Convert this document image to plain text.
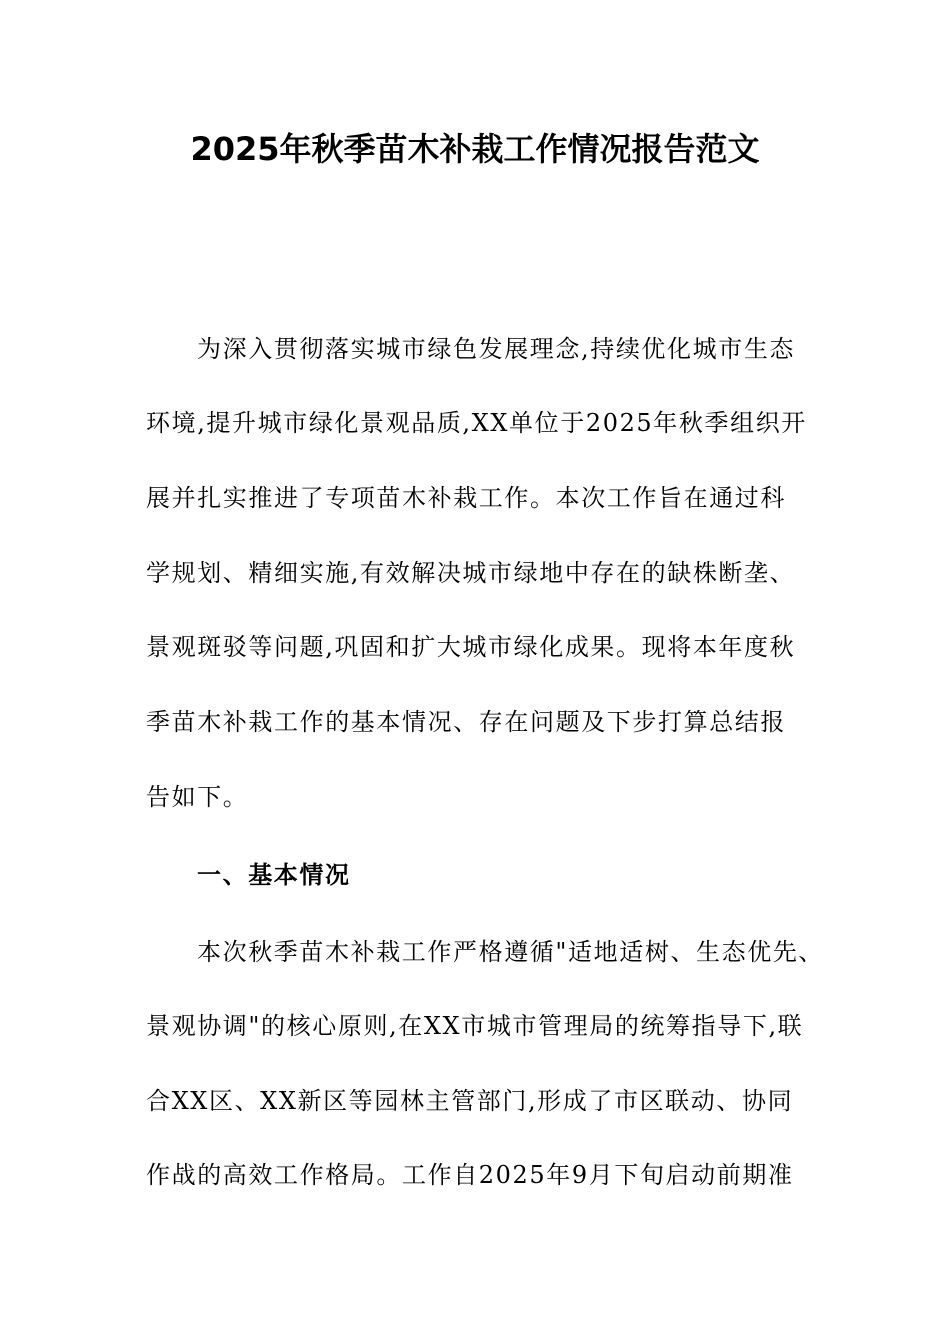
2025年秋季苗木补栽工作情况报告范文
为深入贯彻落实城市绿色发展理念,持续优化城市生态
环境,提升城市绿化景观品质,XX单位于2025年秋季组织开
展并扎实推进了专项苗木补栽工作。本次工作旨在通过科
学规划、精细实施,有效解决城市绿地中存在的缺株断垄、
景观斑驳等问题,巩固和扩大城市绿化成果。现将本年度秋
季苗木补栽工作的基本情况、存在问题及下步打算总结报
告如下。
一、基本情况
本次秋季苗木补栽工作严格遵循"适地适树、生态优先、
景观协调"的核心原则,在XX市城市管理局的统筹指导下,联
合XX区、XX新区等园林主管部门,形成了市区联动、协同
作战的高效工作格局。工作自2025年9月下旬启动前期准
